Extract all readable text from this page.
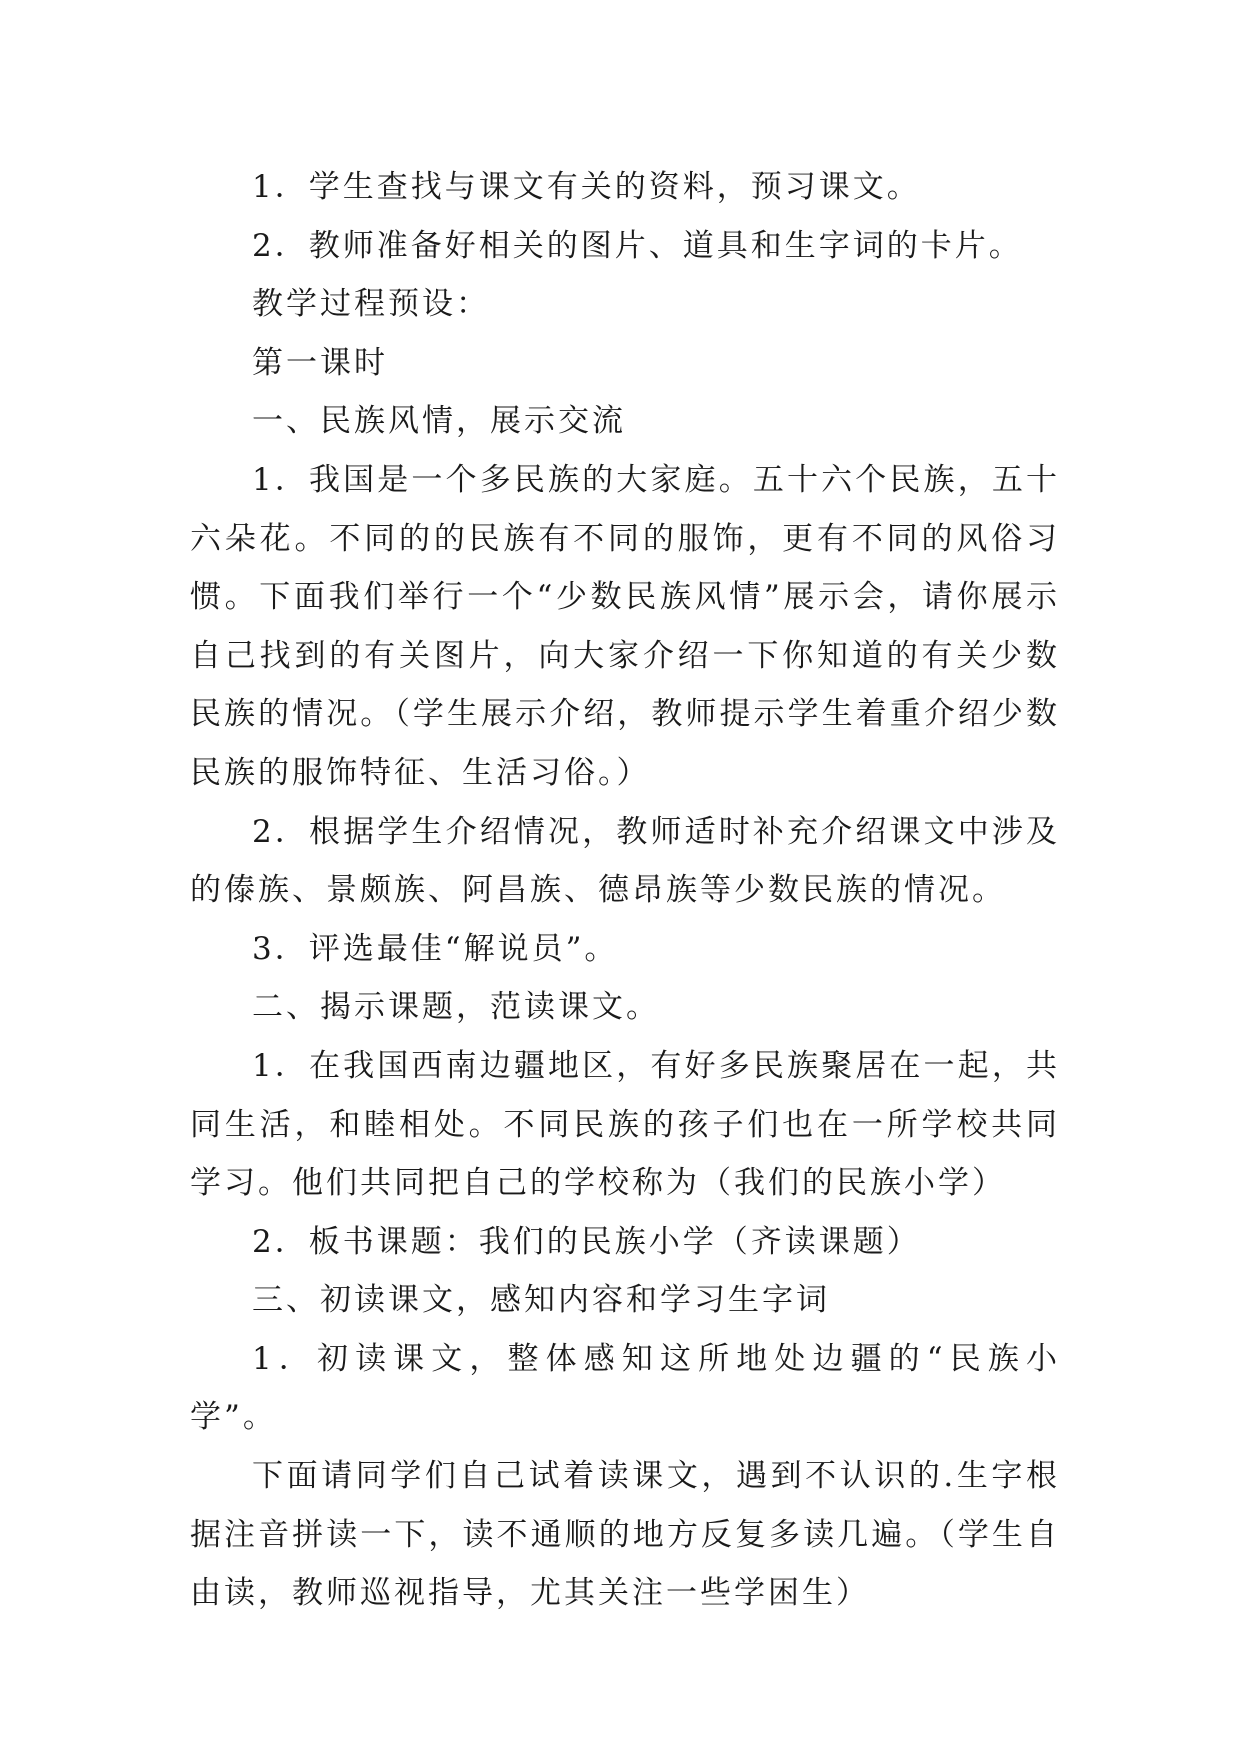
1．学生查找与课文有关的资料，预习课文。

2．教师准备好相关的图片、道具和生字词的卡片。

教学过程预设：

第一课时

一、民族风情，展示交流

1．我国是一个多民族的大家庭。五十六个民族，五十六朵花。不同的的民族有不同的服饰，更有不同的风俗习惯。下面我们举行一个“少数民族风情”展示会，请你展示自己找到的有关图片，向大家介绍一下你知道的有关少数民族的情况。（学生展示介绍，教师提示学生着重介绍少数民族的服饰特征、生活习俗。）

2．根据学生介绍情况，教师适时补充介绍课文中涉及的傣族、景颇族、阿昌族、德昂族等少数民族的情况。

3．评选最佳“解说员”。

二、揭示课题，范读课文。

1．在我国西南边疆地区，有好多民族聚居在一起，共同生活，和睦相处。不同民族的孩子们也在一所学校共同学习。他们共同把自己的学校称为（我们的民族小学）

2．板书课题：我们的民族小学（齐读课题）

三、初读课文，感知内容和学习生字词

1．初读课文，整体感知这所地处边疆的“民族小学”。

下面请同学们自己试着读课文，遇到不认识的.生字根据注音拼读一下，读不通顺的地方反复多读几遍。（学生自由读，教师巡视指导，尤其关注一些学困生）
